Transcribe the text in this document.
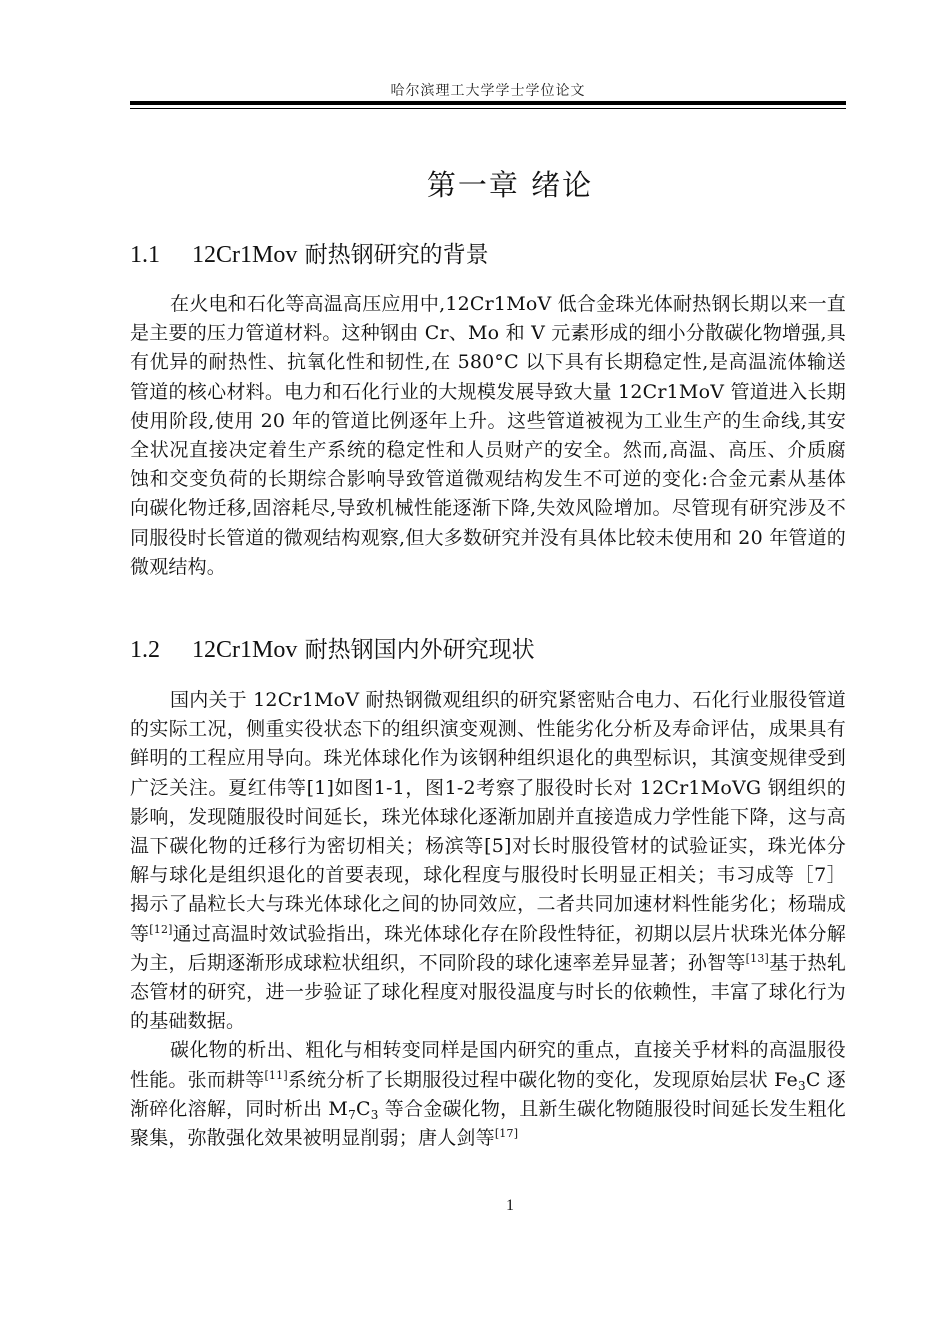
哈尔滨理工大学学士学位论文
第一章 绪论
1.1 12Cr1Mov 耐热钢研究的背景

在火电和石化等高温高压应用中,12Cr1MoV 低合金珠光体耐热钢长期以来一直是主要的压力管道材料。这种钢由 Cr、Mo 和 V 元素形成的细小分散碳化物增强,具有优异的耐热性、抗氧化性和韧性,在 580°C 以下具有长期稳定性,是高温流体输送管道的核心材料。电力和石化行业的大规模发展导致大量 12Cr1MoV 管道进入长期使用阶段,使用 20 年的管道比例逐年上升。这些管道被视为工业生产的生命线,其安全状况直接决定着生产系统的稳定性和人员财产的安全。然而,高温、高压、介质腐蚀和交变负荷的长期综合影响导致管道微观结构发生不可逆的变化:合金元素从基体向碳化物迁移,固溶耗尽,导致机械性能逐渐下降,失效风险增加。尽管现有研究涉及不同服役时长管道的微观结构观察,但大多数研究并没有具体比较未使用和 20 年管道的微观结构。

1.2 12Cr1Mov 耐热钢国内外研究现状

国内关于 12Cr1MoV 耐热钢微观组织的研究紧密贴合电力、石化行业服役管道的实际工况，侧重实役状态下的组织演变观测、性能劣化分析及寿命评估，成果具有鲜明的工程应用导向。珠光体球化作为该钢种组织退化的典型标识，其演变规律受到广泛关注。夏红伟等[1]如图1-1，图1-2考察了服役时长对 12Cr1MoVG 钢组织的影响，发现随服役时间延长，珠光体球化逐渐加剧并直接造成力学性能下降，这与高温下碳化物的迁移行为密切相关；杨滨等[5]对长时服役管材的试验证实，珠光体分解与球化是组织退化的首要表现，球化程度与服役时长明显正相关；韦习成等［7］揭示了晶粒长大与珠光体球化之间的协同效应，二者共同加速材料性能劣化；杨瑞成等[12]通过高温时效试验指出，珠光体球化存在阶段性特征，初期以层片状珠光体分解为主，后期逐渐形成球粒状组织，不同阶段的球化速率差异显著；孙智等[13]基于热轧态管材的研究，进一步验证了球化程度对服役温度与时长的依赖性，丰富了球化行为的基础数据。

碳化物的析出、粗化与相转变同样是国内研究的重点，直接关乎材料的高温服役性能。张而耕等[11]系统分析了长期服役过程中碳化物的变化，发现原始层状 $Fe_3C$ 逐渐碎化溶解，同时析出 $M_7C_3$ 等合金碳化物，且新生碳化物随服役时间延长发生粗化聚集，弥散强化效果被明显削弱；唐人剑等[17]

1
